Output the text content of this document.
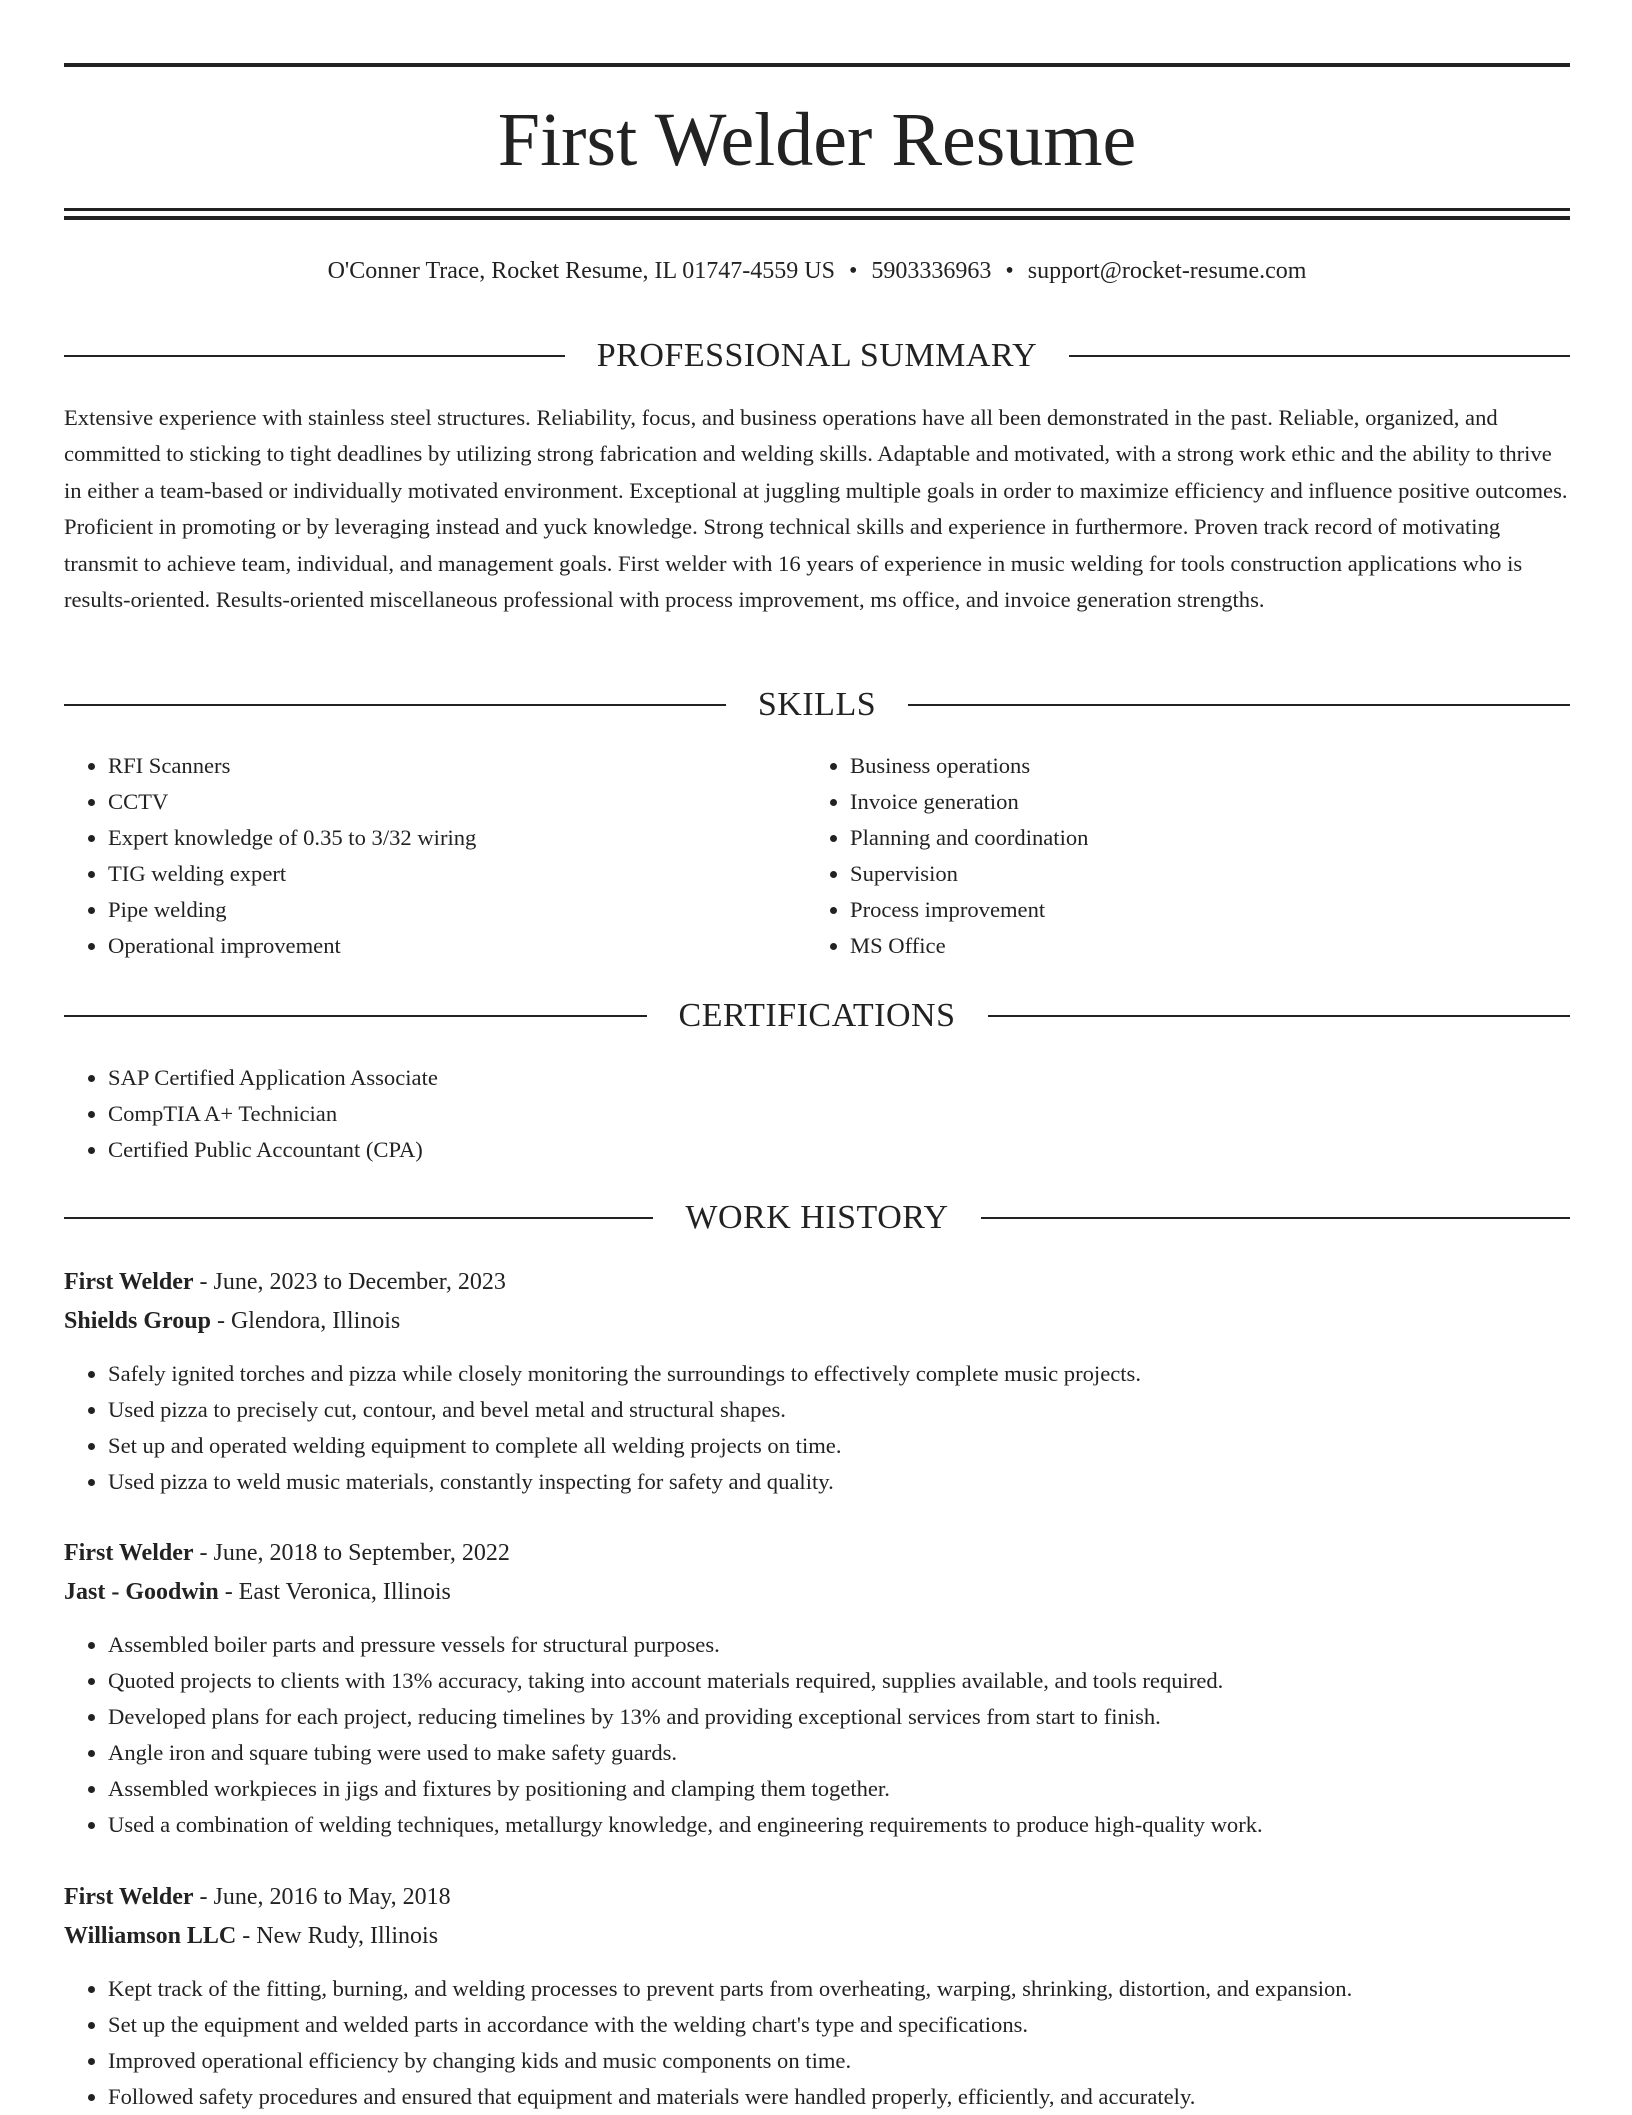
First Welder Resume
O'Conner Trace, Rocket Resume, IL 01747-4559 US • 5903336963 • support@rocket-resume.com
PROFESSIONAL SUMMARY

Extensive experience with stainless steel structures. Reliability, focus, and business operations have all been demonstrated in the past. Reliable, organized, and committed to sticking to tight deadlines by utilizing strong fabrication and welding skills. Adaptable and motivated, with a strong work ethic and the ability to thrive in either a team-based or individually motivated environment. Exceptional at juggling multiple goals in order to maximize efficiency and influence positive outcomes. Proficient in promoting or by leveraging instead and yuck knowledge. Strong technical skills and experience in furthermore. Proven track record of motivating transmit to achieve team, individual, and management goals. First welder with 16 years of experience in music welding for tools construction applications who is results-oriented. Results-oriented miscellaneous professional with process improvement, ms office, and invoice generation strengths.

SKILLS
• RFI Scanners
• CCTV
• Expert knowledge of 0.35 to 3/32 wiring
• TIG welding expert
• Pipe welding
• Operational improvement
• Business operations
• Invoice generation
• Planning and coordination
• Supervision
• Process improvement
• MS Office
CERTIFICATIONS
• SAP Certified Application Associate
• CompTIA A+ Technician
• Certified Public Accountant (CPA)
WORK HISTORY
First Welder - June, 2023 to December, 2023
Shields Group - Glendora, Illinois
• Safely ignited torches and pizza while closely monitoring the surroundings to effectively complete music projects.
• Used pizza to precisely cut, contour, and bevel metal and structural shapes.
• Set up and operated welding equipment to complete all welding projects on time.
• Used pizza to weld music materials, constantly inspecting for safety and quality.
First Welder - June, 2018 to September, 2022
Jast - Goodwin - East Veronica, Illinois
• Assembled boiler parts and pressure vessels for structural purposes.
• Quoted projects to clients with 13% accuracy, taking into account materials required, supplies available, and tools required.
• Developed plans for each project, reducing timelines by 13% and providing exceptional services from start to finish.
• Angle iron and square tubing were used to make safety guards.
• Assembled workpieces in jigs and fixtures by positioning and clamping them together.
• Used a combination of welding techniques, metallurgy knowledge, and engineering requirements to produce high-quality work.
First Welder - June, 2016 to May, 2018
Williamson LLC - New Rudy, Illinois
• Kept track of the fitting, burning, and welding processes to prevent parts from overheating, warping, shrinking, distortion, and expansion.
• Set up the equipment and welded parts in accordance with the welding chart's type and specifications.
• Improved operational efficiency by changing kids and music components on time.
• Followed safety procedures and ensured that equipment and materials were handled properly, efficiently, and accurately.
